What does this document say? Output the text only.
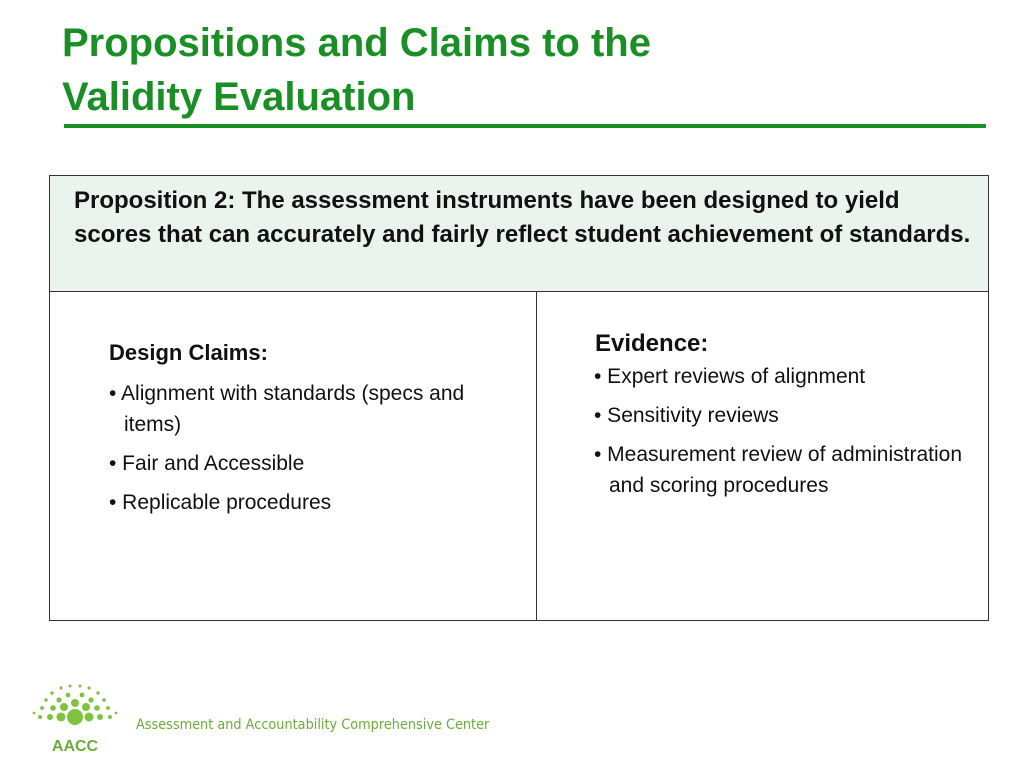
Propositions and Claims to the
Validity Evaluation
Proposition 2: The assessment instruments have been designed to yield scores that can accurately and fairly reflect student achievement of standards.
Design Claims:
• Alignment with standards (specs and items)
• Fair and Accessible
• Replicable procedures
Evidence:
• Expert reviews of alignment
• Sensitivity reviews
• Measurement review of administration and scoring procedures
AACC
Assessment and Accountability Comprehensive Center
